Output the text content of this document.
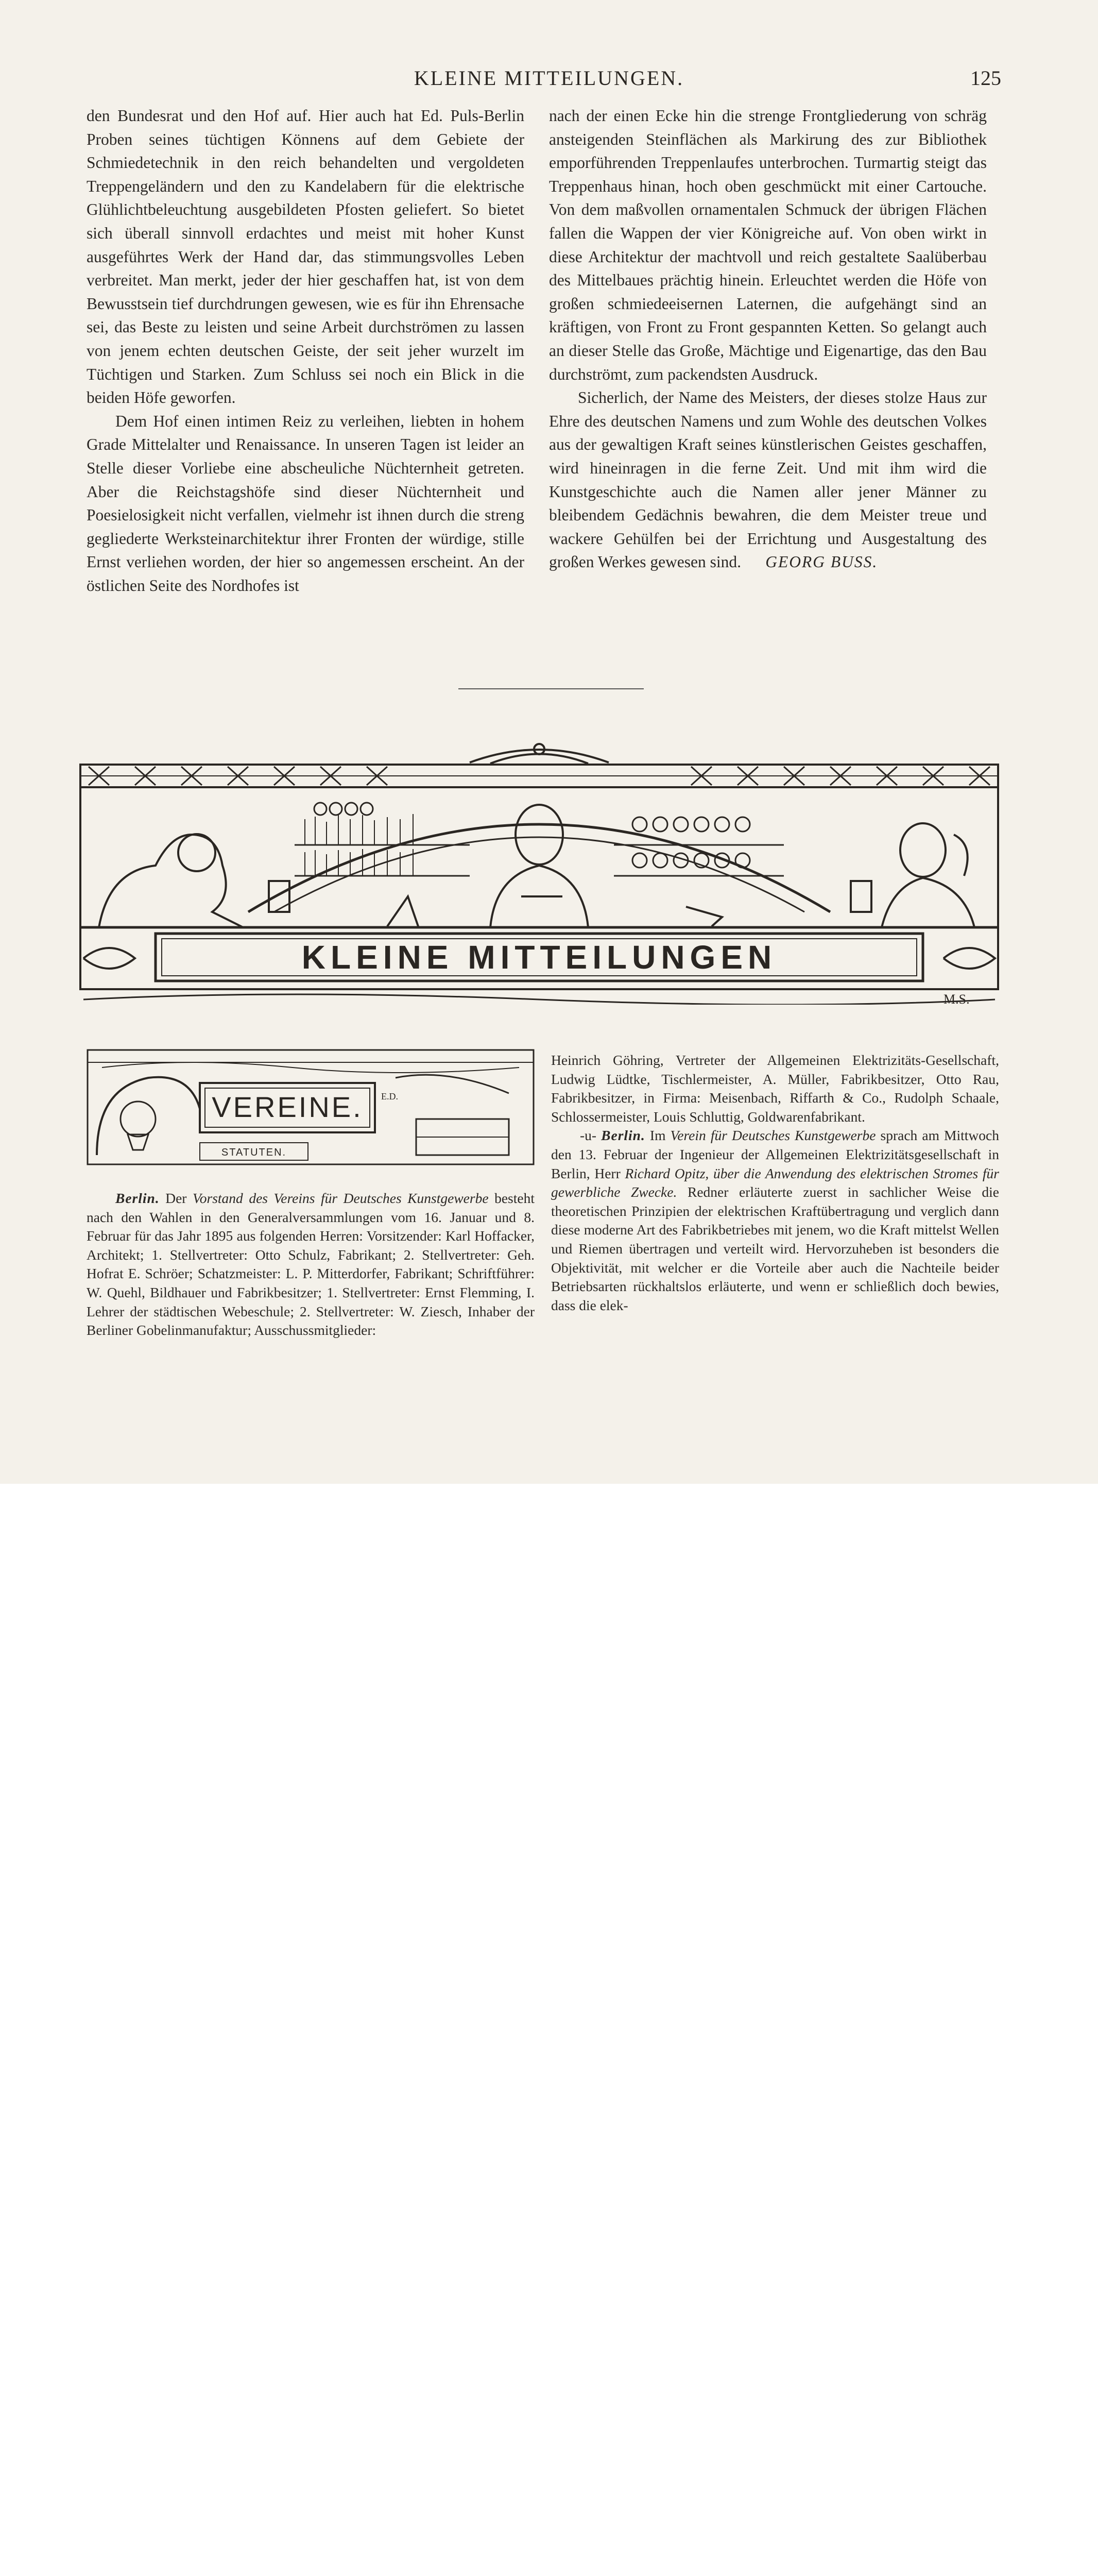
KLEINE MITTEILUNGEN.	125

den Bundesrat und den Hof auf. Hier auch hat Ed. Puls-Berlin Proben seines tüchtigen Könnens auf dem Gebiete der Schmiedetechnik in den reich behandelten und vergoldeten Treppengeländern und den zu Kandelabern für die elektrische Glühlichtbeleuchtung ausgebildeten Pfosten geliefert. So bietet sich überall sinnvoll erdachtes und meist mit hoher Kunst ausgeführtes Werk der Hand dar, das stimmungsvolles Leben verbreitet. Man merkt, jeder der hier geschaffen hat, ist von dem Bewusstsein tief durchdrungen gewesen, wie es für ihn Ehrensache sei, das Beste zu leisten und seine Arbeit durchströmen zu lassen von jenem echten deutschen Geiste, der seit jeher wurzelt im Tüchtigen und Starken. Zum Schluss sei noch ein Blick in die beiden Höfe geworfen.

Dem Hof einen intimen Reiz zu verleihen, liebten in hohem Grade Mittelalter und Renaissance. In unseren Tagen ist leider an Stelle dieser Vorliebe eine abscheuliche Nüchternheit getreten. Aber die Reichstagshöfe sind dieser Nüchternheit und Poesielosigkeit nicht verfallen, vielmehr ist ihnen durch die streng gegliederte Werksteinarchitektur ihrer Fronten der würdige, stille Ernst verliehen worden, der hier so angemessen erscheint. An der östlichen Seite des Nordhofes ist

nach der einen Ecke hin die strenge Frontgliederung von schräg ansteigenden Steinflächen als Markirung des zur Bibliothek emporführenden Treppenlaufes unterbrochen. Turmartig steigt das Treppenhaus hinan, hoch oben geschmückt mit einer Cartouche. Von dem maßvollen ornamentalen Schmuck der übrigen Flächen fallen die Wappen der vier Königreiche auf. Von oben wirkt in diese Architektur der machtvoll und reich gestaltete Saalüberbau des Mittelbaues prächtig hinein. Erleuchtet werden die Höfe von großen schmiedeeisernen Laternen, die aufgehängt sind an kräftigen, von Front zu Front gespannten Ketten. So gelangt auch an dieser Stelle das Große, Mächtige und Eigenartige, das den Bau durchströmt, zum packendsten Ausdruck.

Sicherlich, der Name des Meisters, der dieses stolze Haus zur Ehre des deutschen Namens und zum Wohle des deutschen Volkes aus der gewaltigen Kraft seines künstlerischen Geistes geschaffen, wird hineinragen in die ferne Zeit. Und mit ihm wird die Kunstgeschichte auch die Namen aller jener Männer zu bleibendem Gedächnis bewahren, die dem Meister treue und wackere Gehülfen bei der Errichtung und Ausgestaltung des großen Werkes gewesen sind. GEORG BUSS.

KLEINE MITTEILUNGEN
M.S.
VEREINE. E.D.
STATUTEN.

Berlin. Der Vorstand des Vereins für Deutsches Kunstgewerbe besteht nach den Wahlen in den Generalversammlungen vom 16. Januar und 8. Februar für das Jahr 1895 aus folgenden Herren: Vorsitzender: Karl Hoffacker, Architekt; 1. Stellvertreter: Otto Schulz, Fabrikant; 2. Stellvertreter: Geh. Hofrat E. Schröer; Schatzmeister: L. P. Mitterdorfer, Fabrikant; Schriftführer: W. Quehl, Bildhauer und Fabrikbesitzer; 1. Stellvertreter: Ernst Flemming, I. Lehrer der städtischen Webeschule; 2. Stellvertreter: W. Ziesch, Inhaber der Berliner Gobelinmanufaktur; Ausschussmitglieder:

Heinrich Göhring, Vertreter der Allgemeinen Elektrizitäts-Gesellschaft, Ludwig Lüdtke, Tischlermeister, A. Müller, Fabrikbesitzer, Otto Rau, Fabrikbesitzer, in Firma: Meisenbach, Riffarth & Co., Rudolph Schaale, Schlossermeister, Louis Schluttig, Goldwarenfabrikant.

-u- Berlin. Im Verein für Deutsches Kunstgewerbe sprach am Mittwoch den 13. Februar der Ingenieur der Allgemeinen Elektrizitätsgesellschaft in Berlin, Herr Richard Opitz, über die Anwendung des elektrischen Stromes für gewerbliche Zwecke. Redner erläuterte zuerst in sachlicher Weise die theoretischen Prinzipien der elektrischen Kraftübertragung und verglich dann diese moderne Art des Fabrikbetriebes mit jenem, wo die Kraft mittelst Wellen und Riemen übertragen und verteilt wird. Hervorzuheben ist besonders die Objektivität, mit welcher er die Vorteile aber auch die Nachteile beider Betriebsarten rückhaltslos erläuterte, und wenn er schließlich doch bewies, dass die elek-
